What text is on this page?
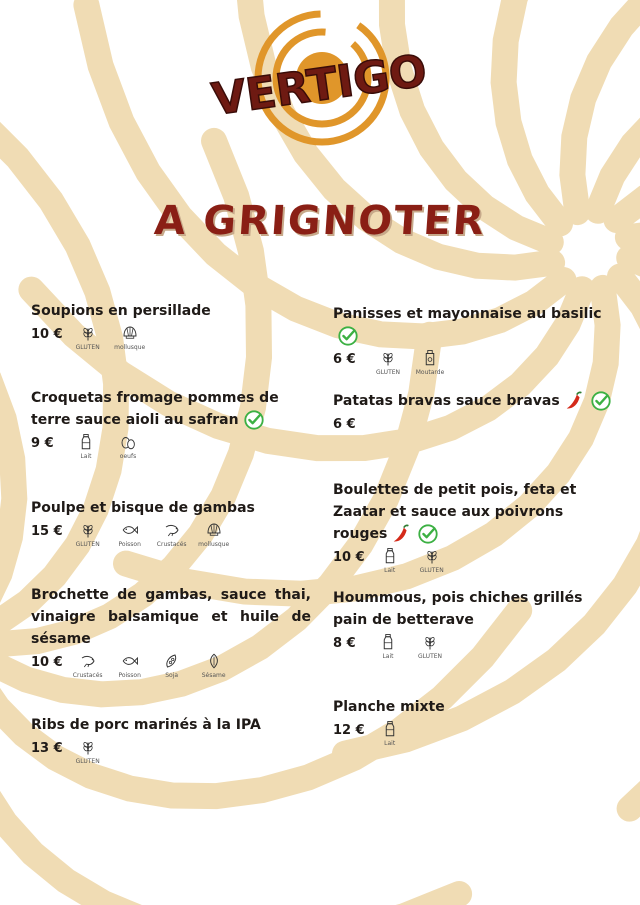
VERTIGO
A GRIGNOTER
Soupions en persillade
10 €
GLUTEN mollusque
Croquetas fromage pommes de terre sauce aioli au safran
9 €
Lait	oeufs
Poulpe et bisque de gambas
15 €
GLUTEN	Poisson	Crustacés mollusque
Brochette de gambas, sauce thai, vinaigre balsamique et huile de sésame
10 €
Crustacés	Poisson	Soja	Sésame
Ribs de porc marinés à la IPA
13 €
GLUTEN
Panisses et mayonnaise au basilic
6 €
GLUTEN	Moutarde
Patatas bravas sauce bravas
6 €
Boulettes de petit pois, feta et Zaatar et sauce aux poivrons rouges
10 €
Lait	GLUTEN
Hoummous, pois chiches grillés pain de betterave
8 €
Lait	GLUTEN
Planche mixte
12 €
Lait
